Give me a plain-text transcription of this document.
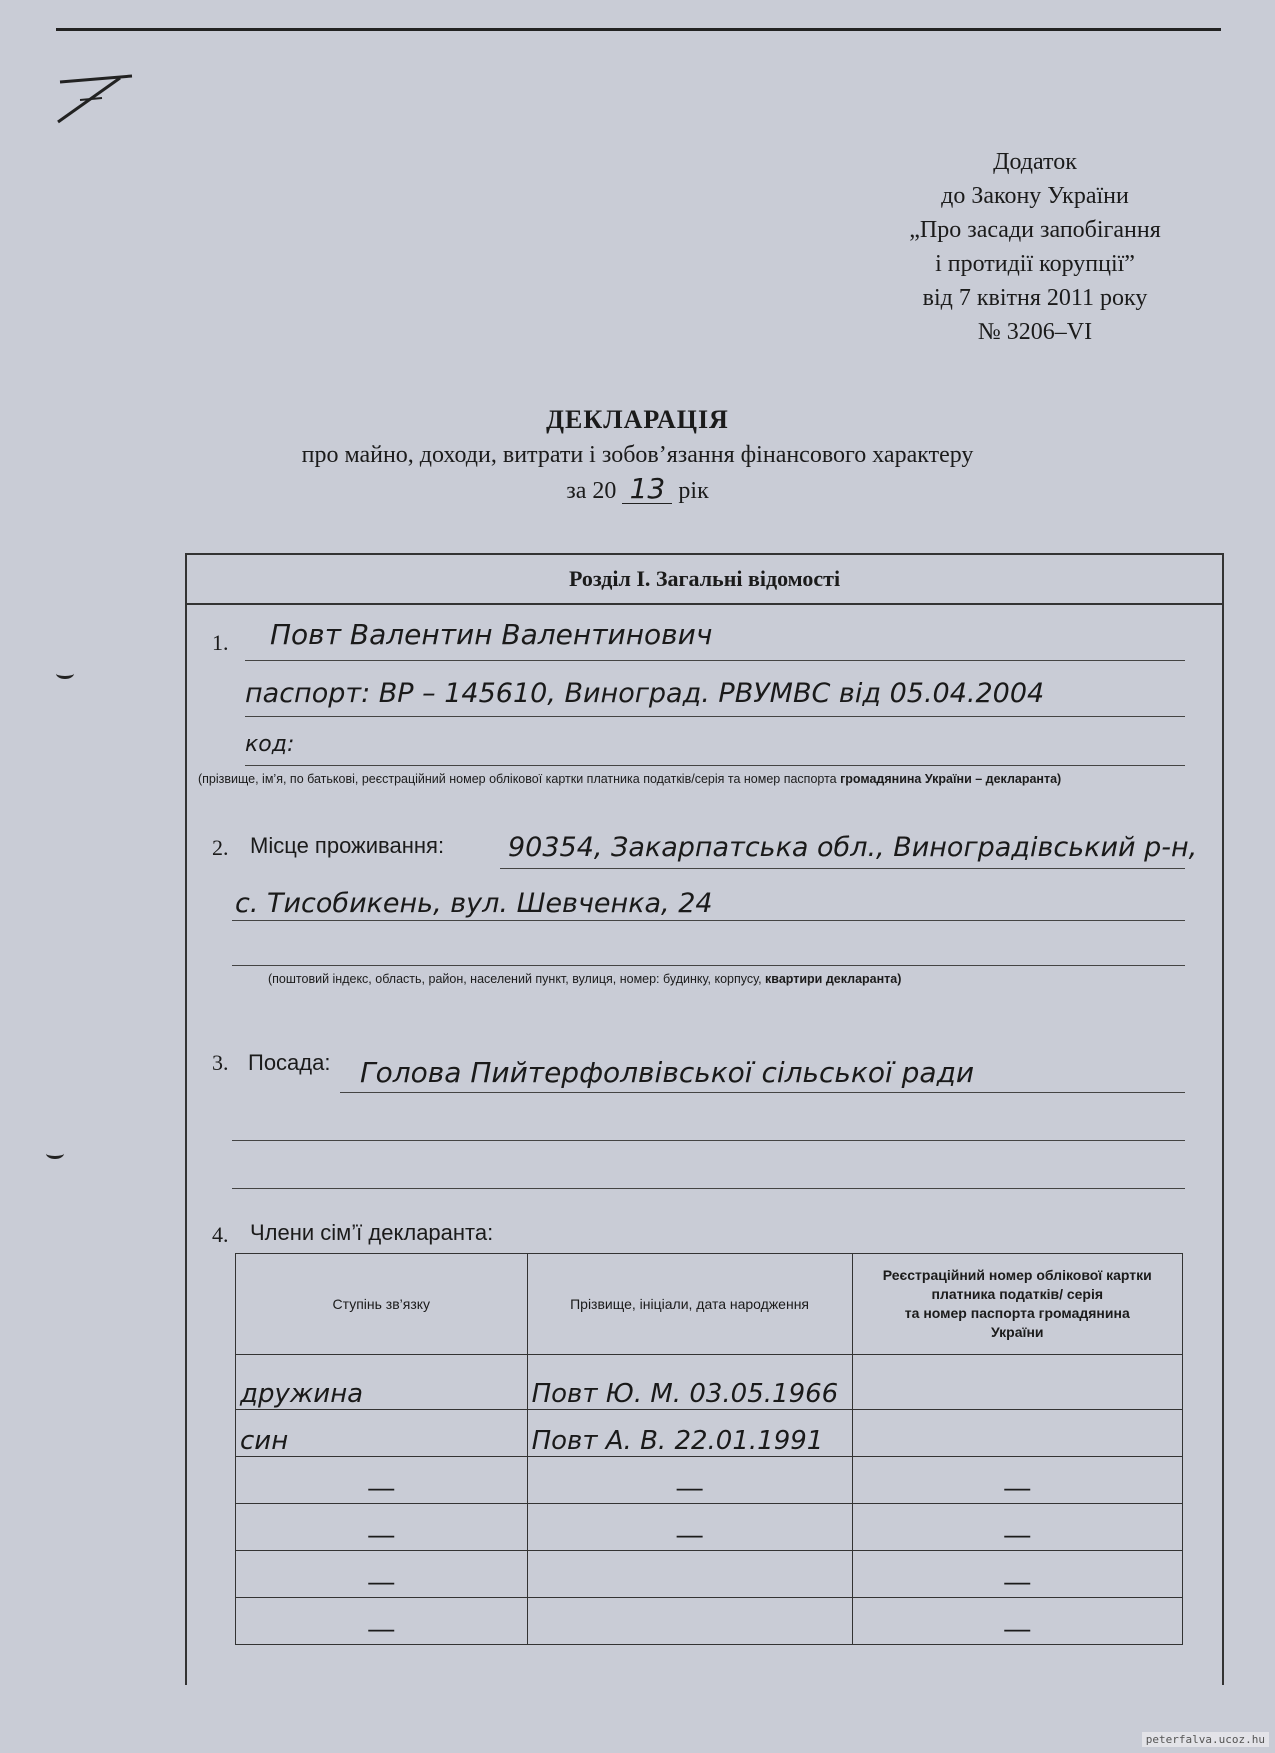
Додаток
до Закону України
„Про засади запобігання
і протидії корупції”
від 7 квітня 2011 року
№ 3206–VI
ДЕКЛАРАЦІЯ
про майно, доходи, витрати і зобов’язання фінансового характеру
за 20 13 рік
Розділ І. Загальні відомості
1. Повт Валентин Валентинович
паспорт: ВР – 145610, Виноград. РВУМВС від 05.04.2004
код:
(прізвище, ім’я, по батькові, реєстраційний номер облікової картки платника податків/серія та номер паспорта громадянина України – декларанта)
2. Місце проживання: 90354, Закарпатська обл., Виноградівський р-н,
с. Тисобикень, вул. Шевченка, 24
(поштовий індекс, область, район, населений пункт, вулиця, номер: будинку, корпусу, квартири декларанта)
3. Посада: Голова Пийтерфолвівської сільської ради
4. Члени сім’ї декларанта:
Ступінь зв’язку	Прізвище, ініціали, дата народження	Реєстраційний номер облікової картки
платника податків/ серія
та номер паспорта громадянина
України
дружина	Повт Ю. М. 03.05.1966	
син	Повт А. В. 22.01.1991	
—	—	—
—	—	—
—		—
—		—
peterfalva.ucoz.hu
